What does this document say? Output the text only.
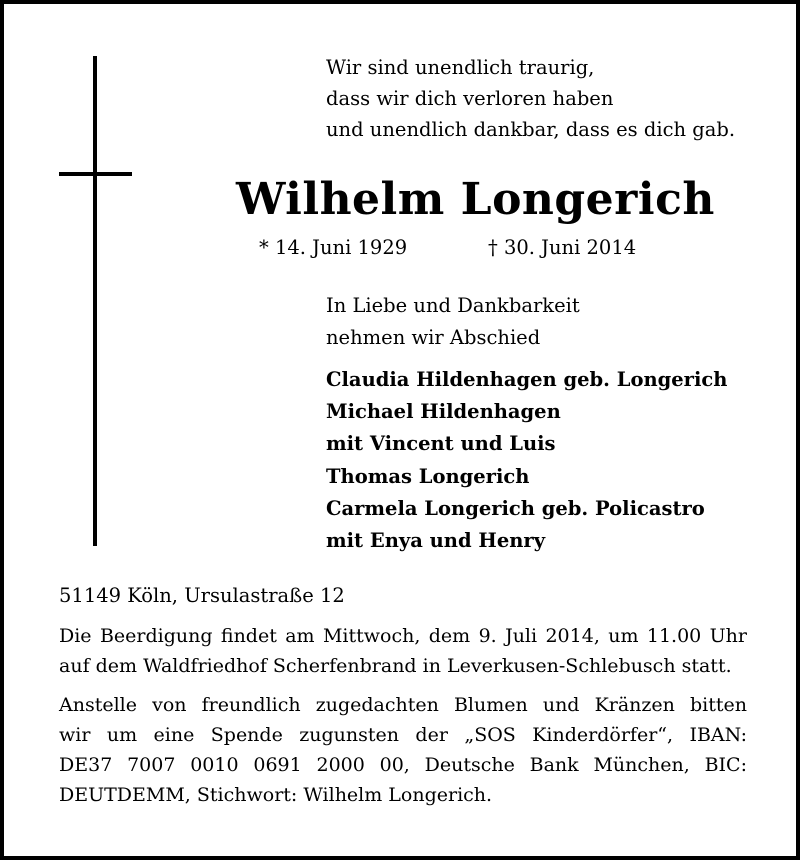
Wir sind unendlich traurig,
dass wir dich verloren haben
und unendlich dankbar, dass es dich gab.
Wilhelm Longerich
* 14. Juni 1929	† 30. Juni 2014
In Liebe und Dankbarkeit
nehmen wir Abschied
Claudia Hildenhagen geb. Longerich
Michael Hildenhagen
mit Vincent und Luis
Thomas Longerich
Carmela Longerich geb. Policastro
mit Enya und Henry
51149 Köln, Ursulastraße 12
Die Beerdigung findet am Mittwoch, dem 9. Juli 2014, um 11.00 Uhr
auf dem Waldfriedhof Scherfenbrand in Leverkusen-Schlebusch statt.
Anstelle von freundlich zugedachten Blumen und Kränzen bitten
wir um eine Spende zugunsten der „SOS Kinderdörfer“, IBAN:
DE37 7007 0010 0691 2000 00, Deutsche Bank München, BIC:
DEUTDEMM, Stichwort: Wilhelm Longerich.
